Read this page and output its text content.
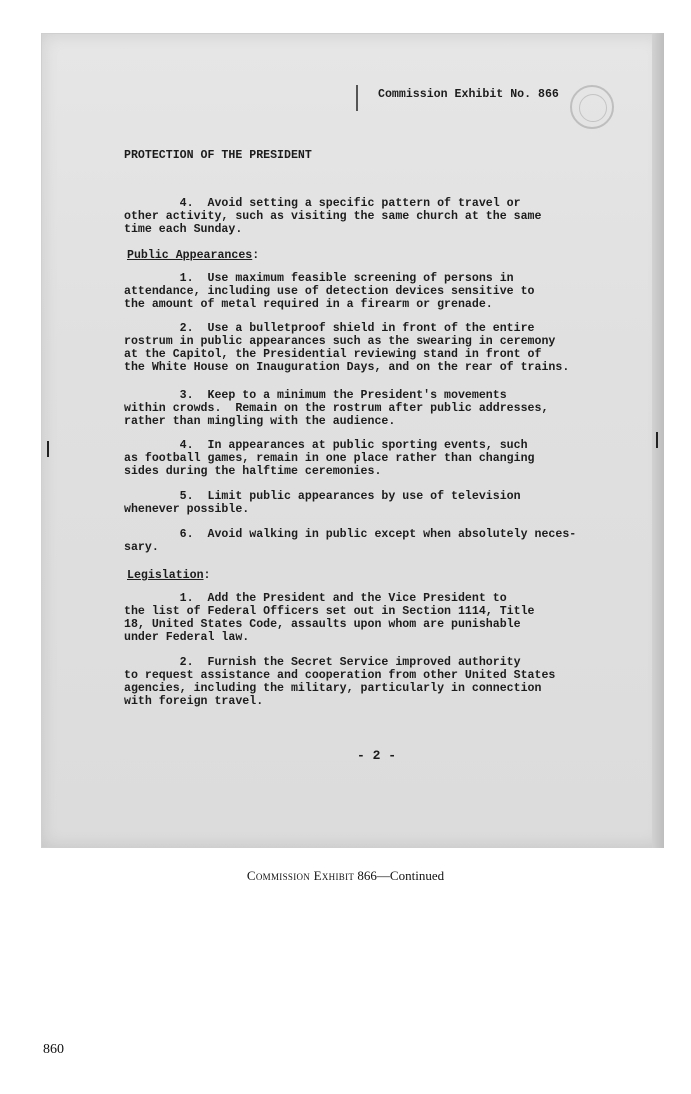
Commission Exhibit No. 866
PROTECTION OF THE PRESIDENT
4.  Avoid setting a specific pattern of travel or
other activity, such as visiting the same church at the same
time each Sunday.
Public Appearances:
1.  Use maximum feasible screening of persons in
attendance, including use of detection devices sensitive to
the amount of metal required in a firearm or grenade.
2.  Use a bulletproof shield in front of the entire
rostrum in public appearances such as the swearing in ceremony
at the Capitol, the Presidential reviewing stand in front of
the White House on Inauguration Days, and on the rear of trains.
3.  Keep to a minimum the President's movements
within crowds.  Remain on the rostrum after public addresses,
rather than mingling with the audience.
4.  In appearances at public sporting events, such
as football games, remain in one place rather than changing
sides during the halftime ceremonies.
5.  Limit public appearances by use of television
whenever possible.
6.  Avoid walking in public except when absolutely neces-
sary.
Legislation:
1.  Add the President and the Vice President to
the list of Federal Officers set out in Section 1114, Title
18, United States Code, assaults upon whom are punishable
under Federal law.
2.  Furnish the Secret Service improved authority
to request assistance and cooperation from other United States
agencies, including the military, particularly in connection
with foreign travel.
- 2 -
Commission Exhibit 866—Continued
860
